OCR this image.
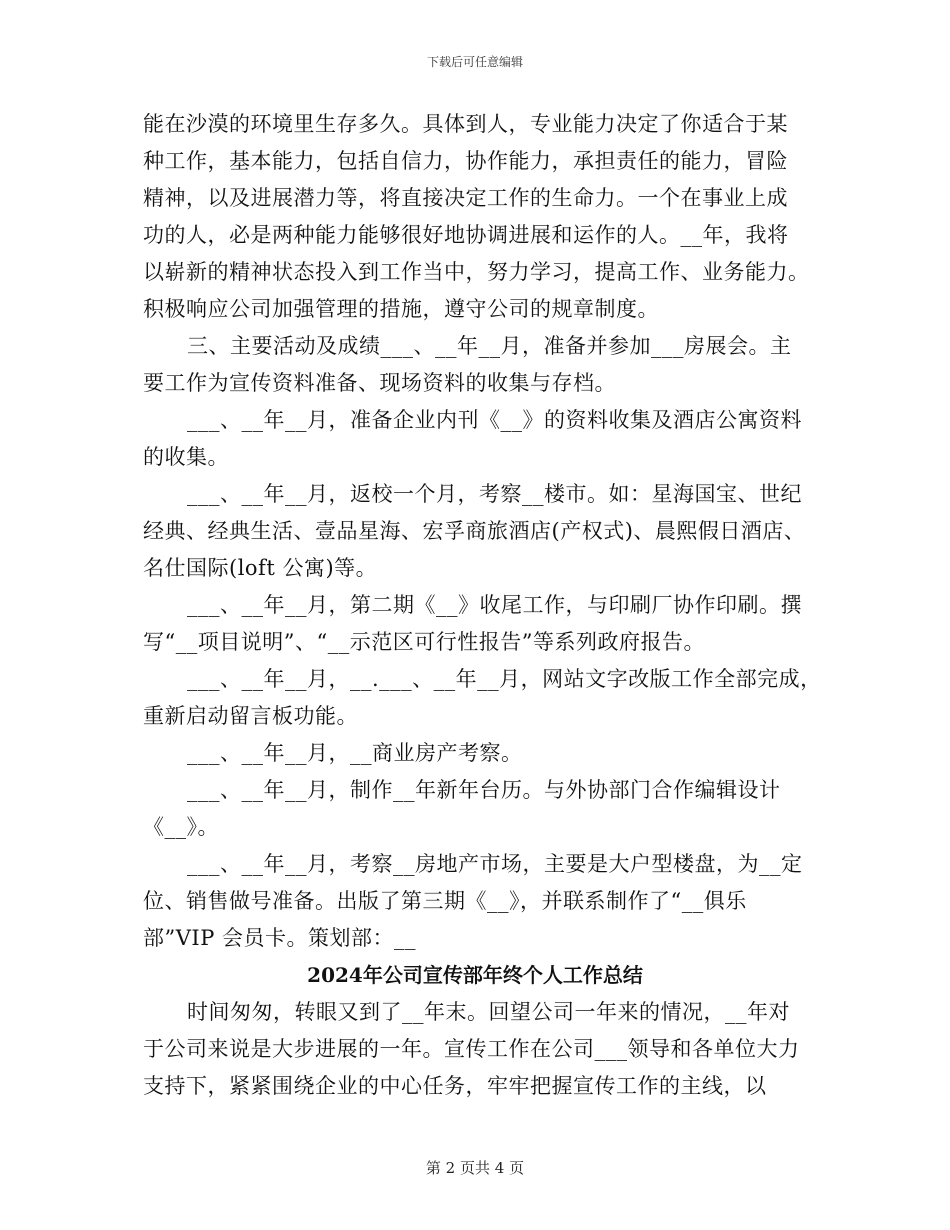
下载后可任意编辑
能在沙漠的环境里生存多久。具体到人，专业能力决定了你适合于某
种工作，基本能力，包括自信力，协作能力，承担责任的能力，冒险
精神，以及进展潜力等，将直接决定工作的生命力。一个在事业上成
功的人，必是两种能力能够很好地协调进展和运作的人。__年，我将
以崭新的精神状态投入到工作当中，努力学习，提高工作、业务能力。
积极响应公司加强管理的措施，遵守公司的规章制度。
三、主要活动及成绩___、__年__月，准备并参加___房展会。主
要工作为宣传资料准备、现场资料的收集与存档。
___、__年__月，准备企业内刊《__》的资料收集及酒店公寓资料
的收集。
___、__年__月，返校一个月，考察__楼市。如：星海国宝、世纪
经典、经典生活、壹品星海、宏孚商旅酒店(产权式)、晨熙假日酒店、
名仕国际(loft 公寓)等。
___、__年__月，第二期《__》收尾工作，与印刷厂协作印刷。撰
写“__项目说明”、“__示范区可行性报告”等系列政府报告。
___、__年__月，__.___、__年__月，网站文字改版工作全部完成，
重新启动留言板功能。
___、__年__月，__商业房产考察。
___、__年__月，制作__年新年台历。与外协部门合作编辑设计
《__》。
___、__年__月，考察__房地产市场，主要是大户型楼盘，为__定
位、销售做号准备。出版了第三期《__》，并联系制作了“__俱乐
部”VIP 会员卡。策划部：__
2024年公司宣传部年终个人工作总结
时间匆匆，转眼又到了__年末。回望公司一年来的情况，__年对
于公司来说是大步进展的一年。宣传工作在公司___领导和各单位大力
支持下，紧紧围绕企业的中心任务，牢牢把握宣传工作的主线，以
第 2 页共 4 页
